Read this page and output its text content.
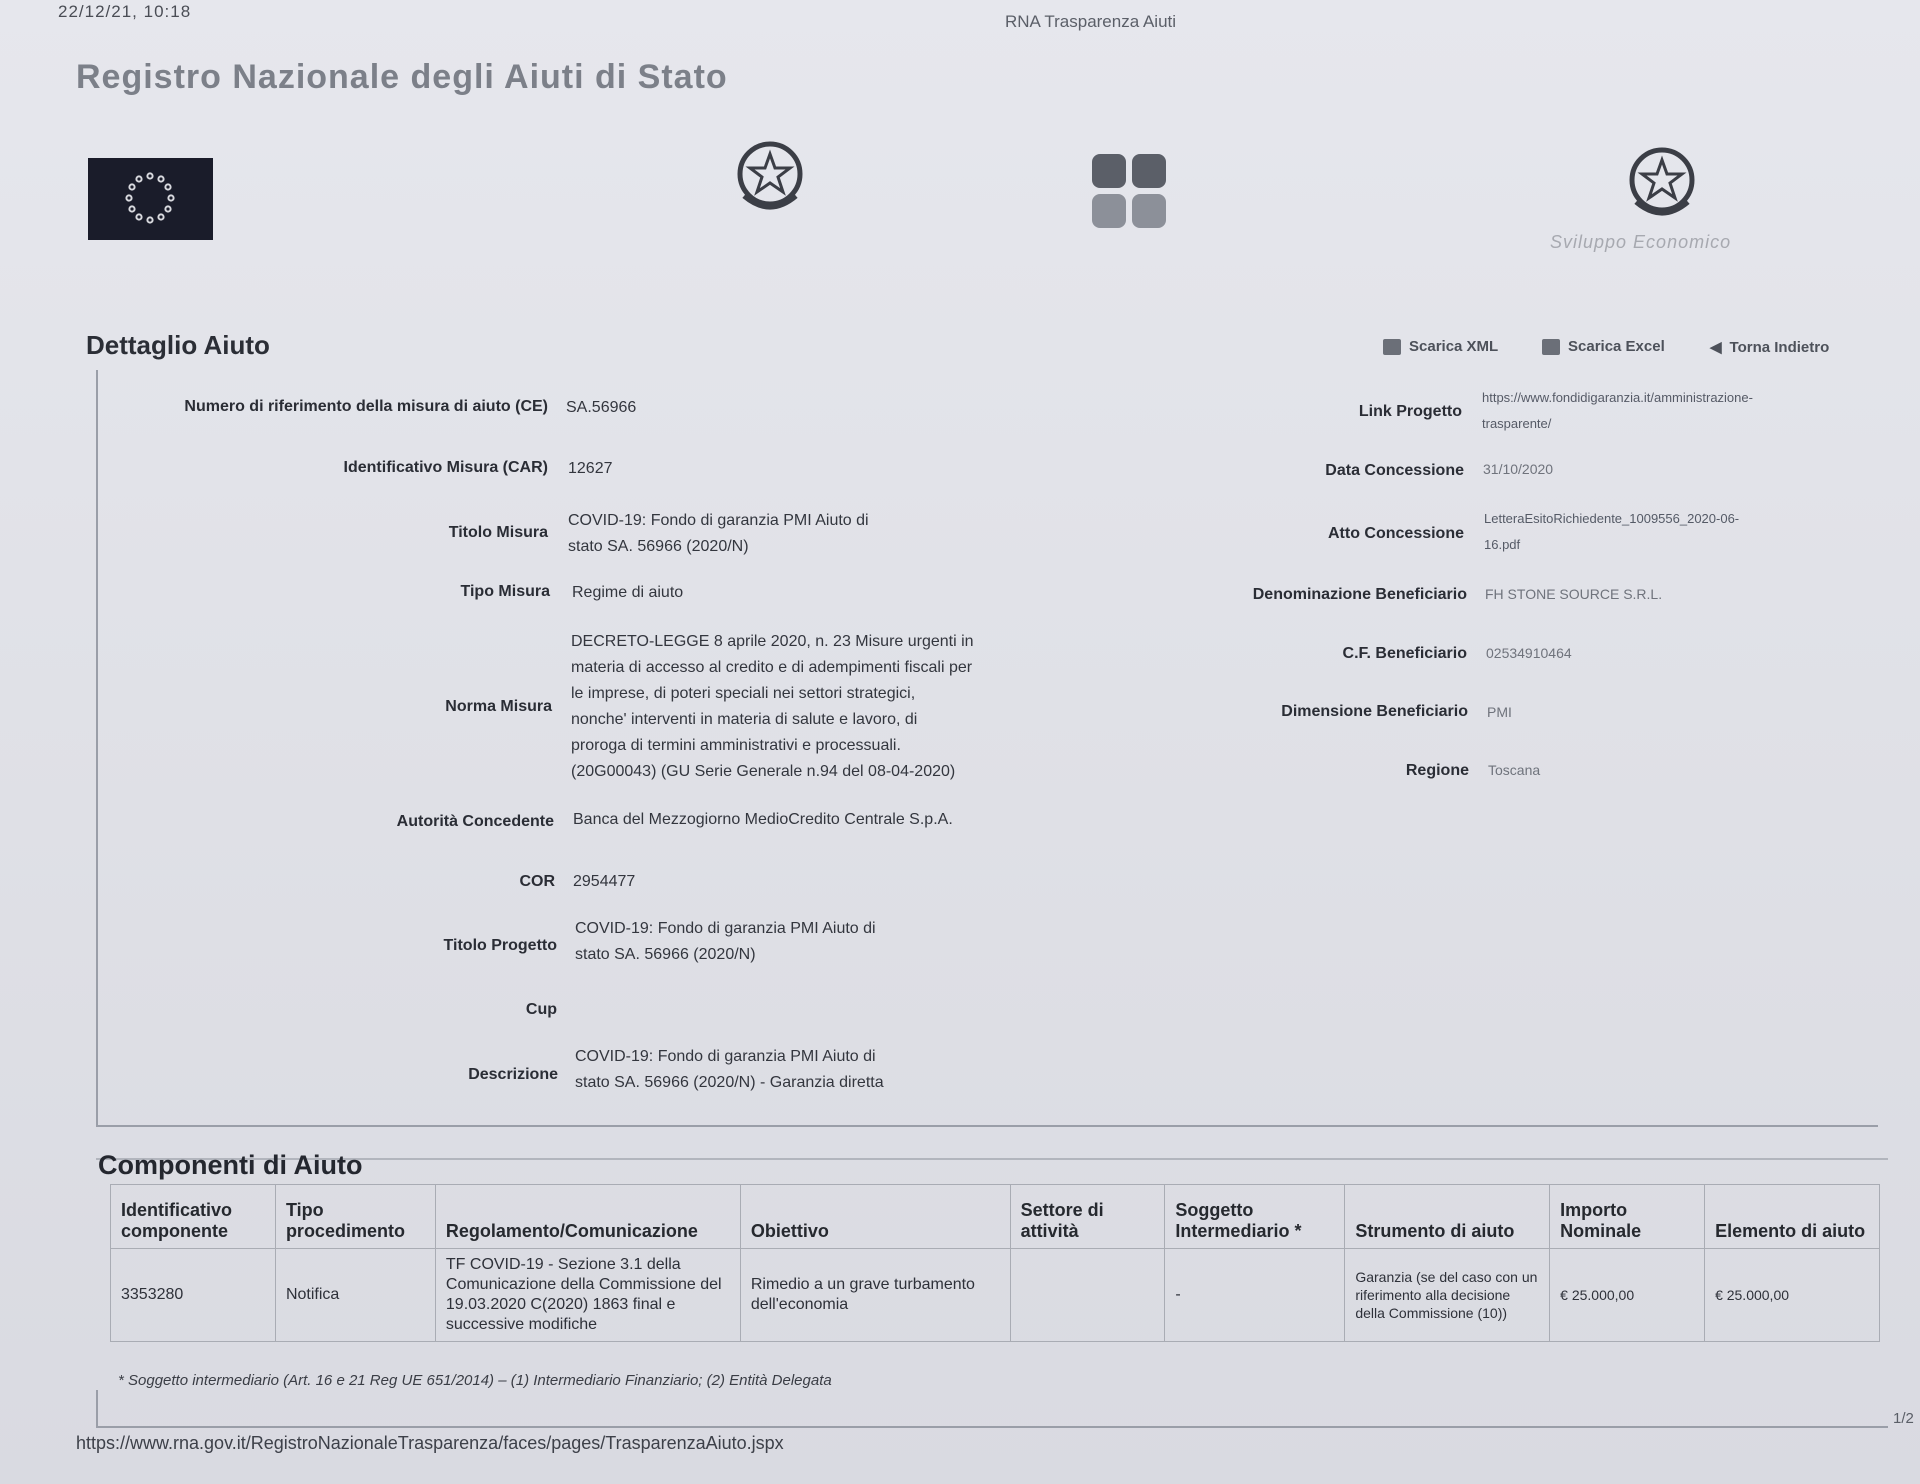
22/12/21, 10:18
RNA Trasparenza Aiuti
Registro Nazionale degli Aiuti di Stato
Sviluppo Economico
Dettaglio Aiuto	Scarica XML	Scarica Excel	◀ Torna Indietro
Numero di riferimento della misura di aiuto (CE) SA.56966
Identificativo Misura (CAR) 12627
Titolo Misura
COVID-19: Fondo di garanzia PMI Aiuto di
stato SA. 56966 (2020/N)
Tipo Misura Regime di aiuto
Norma Misura
DECRETO-LEGGE 8 aprile 2020, n. 23 Misure urgenti in
materia di accesso al credito e di adempimenti fiscali per
le imprese, di poteri speciali nei settori strategici,
nonche' interventi in materia di salute e lavoro, di
proroga di termini amministrativi e processuali.
(20G00043) (GU Serie Generale n.94 del 08-04-2020)
Autorità Concedente Banca del Mezzogiorno MedioCredito Centrale S.p.A.
COR 2954477
Titolo Progetto
COVID-19: Fondo di garanzia PMI Aiuto di
stato SA. 56966 (2020/N)
Cup
Descrizione
COVID-19: Fondo di garanzia PMI Aiuto di
stato SA. 56966 (2020/N) - Garanzia diretta
Link Progetto
https://www.fondidigaranzia.it/amministrazione-
trasparente/
Data Concessione 31/10/2020
Atto Concessione
LetteraEsitoRichiedente_1009556_2020-06-
16.pdf
Denominazione Beneficiario FH STONE SOURCE S.R.L.
C.F. Beneficiario 02534910464
Dimensione Beneficiario PMI
Regione Toscana
Componenti di Aiuto
Identificativo componente	Tipo procedimento	Regolamento/Comunicazione	Obiettivo	Settore di attività	Soggetto Intermediario *	Strumento di aiuto	Importo Nominale	Elemento di aiuto
3353280	Notifica	TF COVID-19 - Sezione 3.1 della Comunicazione della Commissione del 19.03.2020 C(2020) 1863 final e successive modifiche	Rimedio a un grave turbamento dell'economia		-	Garanzia (se del caso con un riferimento alla decisione della Commissione (10))	€ 25.000,00	€ 25.000,00
* Soggetto intermediario (Art. 16 e 21 Reg UE 651/2014) – (1) Intermediario Finanziario; (2) Entità Delegata
1/2
https://www.rna.gov.it/RegistroNazionaleTrasparenza/faces/pages/TrasparenzaAiuto.jspx
